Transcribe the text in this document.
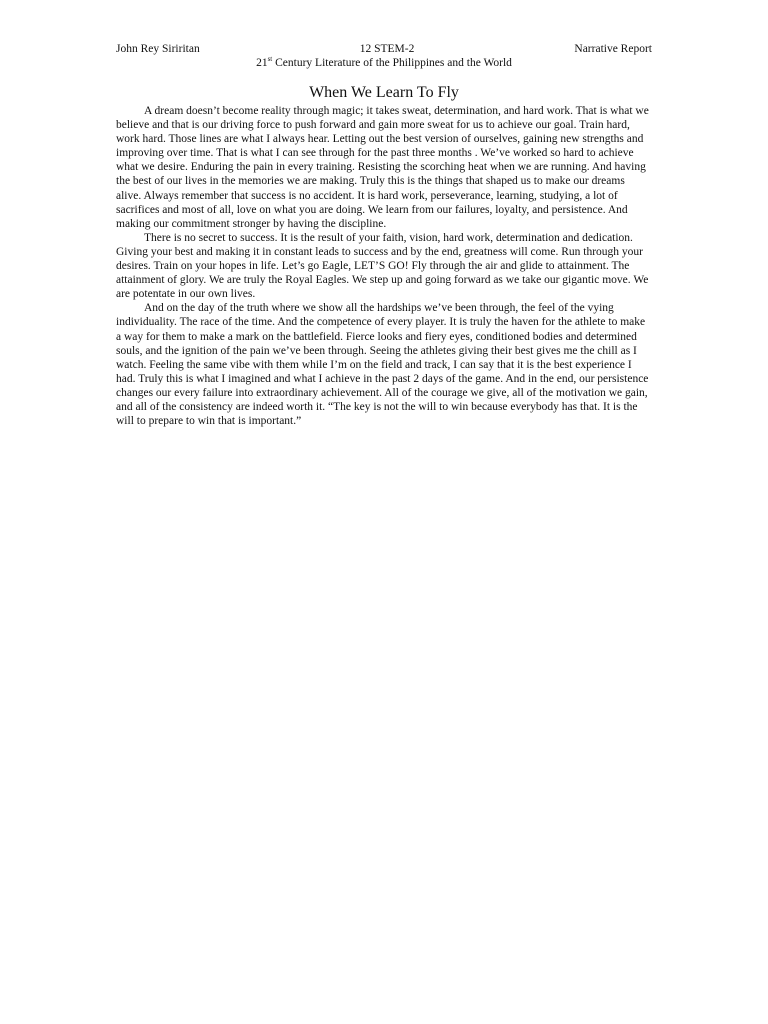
John Rey Siriritan	12 STEM-2	Narrative Report
21st Century Literature of the Philippines and the World
When We Learn To Fly

A dream doesn’t become reality through magic; it takes sweat, determination, and hard work. That is what we believe and that is our driving force to push forward and gain more sweat for us to achieve our goal. Train hard, work hard. Those lines are what I always hear. Letting out the best version of ourselves, gaining new strengths and improving over time. That is what I can see through for the past three months . We’ve worked so hard to achieve what we desire. Enduring the pain in every training. Resisting the scorching heat when we are running. And having the best of our lives in the memories we are making. Truly this is the things that shaped us to make our dreams alive. Always remember that success is no accident. It is hard work, perseverance, learning, studying, a lot of sacrifices and most of all, love on what you are doing. We learn from our failures, loyalty, and persistence. And making our commitment stronger by having the discipline.

There is no secret to success. It is the result of your faith, vision, hard work, determination and dedication. Giving your best and making it in constant leads to success and by the end, greatness will come. Run through your desires. Train on your hopes in life. Let’s go Eagle, LET’S GO! Fly through the air and glide to attainment. The attainment of glory. We are truly the Royal Eagles. We step up and going forward as we take our gigantic move. We are potentate in our own lives.

And on the day of the truth where we show all the hardships we’ve been through, the feel of the vying individuality. The race of the time. And the competence of every player. It is truly the haven for the athlete to make a way for them to make a mark on the battlefield. Fierce looks and fiery eyes, conditioned bodies and determined souls, and the ignition of the pain we’ve been through. Seeing the athletes giving their best gives me the chill as I watch. Feeling the same vibe with them while I’m on the field and track, I can say that it is the best experience I had. Truly this is what I imagined and what I achieve in the past 2 days of the game. And in the end, our persistence changes our every failure into extraordinary achievement. All of the courage we give, all of the motivation we gain, and all of the consistency are indeed worth it. “The key is not the will to win because everybody has that. It is the will to prepare to win that is important.”
